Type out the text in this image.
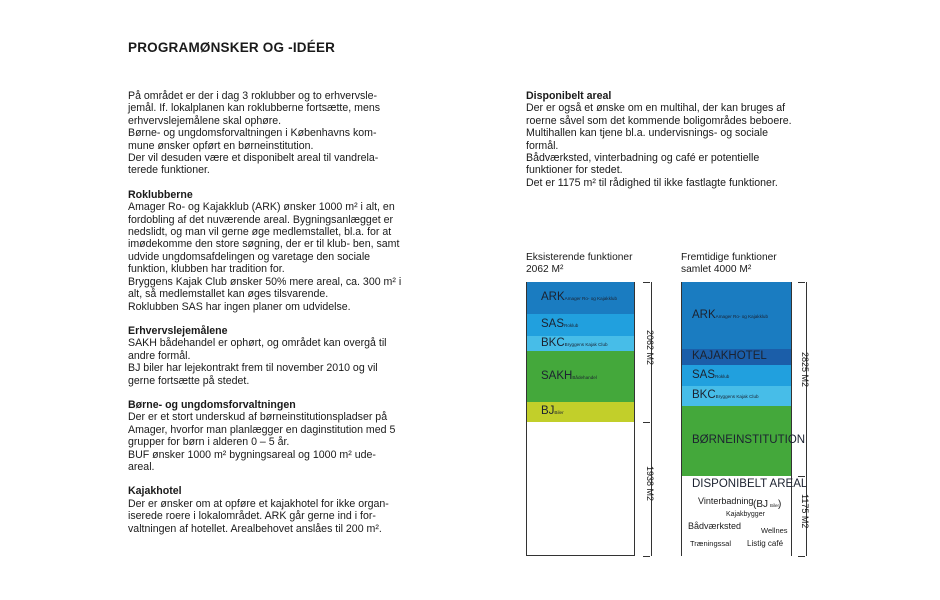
PROGRAMØNSKER OG -IDÉER

På området er der i dag 3 roklubber og to erhvervsle- jemål. If. lokalplanen kan roklubberne fortsætte, mens erhvervslejemålene skal ophøre.

Børne- og ungdomsforvaltningen i Københavns kom- mune ønsker opført en børneinstitution.

Der vil desuden være et disponibelt areal til vandrela- terede funktioner.

Roklubberne

Amager Ro- og Kajakklub (ARK) ønsker 1000 m² i alt, en fordobling af det nuværende areal. Bygningsanlægget er nedslidt, og man vil gerne øge medlemstallet, bl.a. for at imødekomme den store søgning, der er til klub- ben, samt udvide ungdomsafdelingen og varetage den sociale funktion, klubben har tradition for.

Bryggens Kajak Club ønsker 50% mere areal, ca. 300 m² i alt, så medlemstallet kan øges tilsvarende.

Roklubben SAS har ingen planer om udvidelse.

Erhvervslejemålene

SAKH bådehandel er ophørt, og området kan overgå til andre formål.

BJ biler har lejekontrakt frem til november 2010 og vil gerne fortsætte på stedet.

Børne- og ungdomsforvaltningen

Der er et stort underskud af børneinstitutionspladser på Amager, hvorfor man planlægger en daginstitution med 5 grupper for børn i alderen 0 – 5 år.

BUF ønsker 1000 m² bygningsareal og 1000 m² ude- areal.

Kajakhotel

Der er ønsker om at opføre et kajakhotel for ikke organ- iserede roere i lokalområdet. ARK går gerne ind i for- valtningen af hotellet. Arealbehovet anslåes til 200 m².

Disponibelt areal

Der er også et ønske om en multihal, der kan bruges af roerne såvel som det kommende boligområdes beboere. Multihallen kan tjene bl.a. undervisnings- og sociale formål.

Bådværksted, vinterbadning og café er potentielle funktioner for stedet.

Det er 1175 m² til rådighed til ikke fastlagte funktioner.

Eksisterende funktioner
2062 M²
ARKAmager Ro- og Kajakklub
SASRoklub
BKCBryggens Kajak Club
SAKHBådehandel
BJBiler
2062 M2
1938 M2
Fremtidige funktioner
samlet 4000 M²
ARKAmager Ro- og Kajakklub
KAJAKHOTEL
SASRoklub
BKCBryggens Kajak Club
BØRNEINSTITUTION
DISPONIBELT AREAL
Vinterbadning (BJ Biler
)
Kajakbygger
Bådværksted	Wellnes
Træningssal Listig café
2825 M2
1175 M2
